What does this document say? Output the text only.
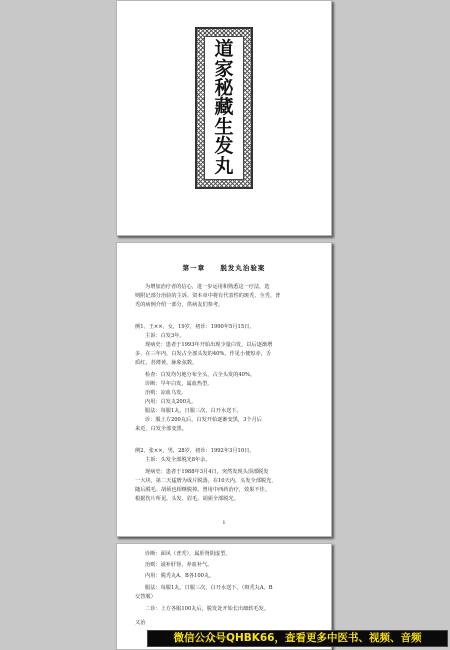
道
家
秘
藏
生
发
丸
第一章 脱发丸治验案
为增加治疗者的信心，进一步运用和熟悉这一疗法，选
则附记部分治验的主诉、资本章中将有代表性的斑秃、全秃、普
秃的病例介绍一部分，供病友们参考。
例1、王××，女，19岁，初诊：1990年5月15日。
主诉：白发3年。
现病史：患者于1993年开始出现少量白发，以后逐渐增
多，在三年内，白发占全部头发的40%。作见小便短赤，舌
质红，苔薄黄，脉象弦数。
检查：白发均匀地分布全头，占全头发的40%。
诊断：早年白发，属血热型。
治则：凉血乌发。
内用：白发丸200丸。
服法：每服1丸，日服三次，白开水送下。
诊：服上方200丸后，白发开始逐渐变黑，3个月后
来近，白发全部变黑。
例2、张××，男，28岁，初诊：1992年3月10日。
主诉：头发全部脱光8年余。
现病史：患者于1988年3月4日，突然发现头顶部脱发
一大块，第二天猛增为成片脱落，在10天内，头发全部脱光，
随后脱毛、胡须也相继脱掉。曾用中西药治疗，效果不佳。
根据伤片所见，头发、眉毛、胡须全部脱光。
1
诊断：面风（普秃），属肝肾阴虚型。
治则：滋补肝肾，养血补气。
内用：脱秃丸A、B各100丸。
服法：每服1丸，日服三次，白开水送下。（斑秃丸A、B
交替服）
二诊：上方各服100丸后，脱发处开始长出细软毛发。
又治
微信公众号QHBK66，查看更多中医书、视频、音频
